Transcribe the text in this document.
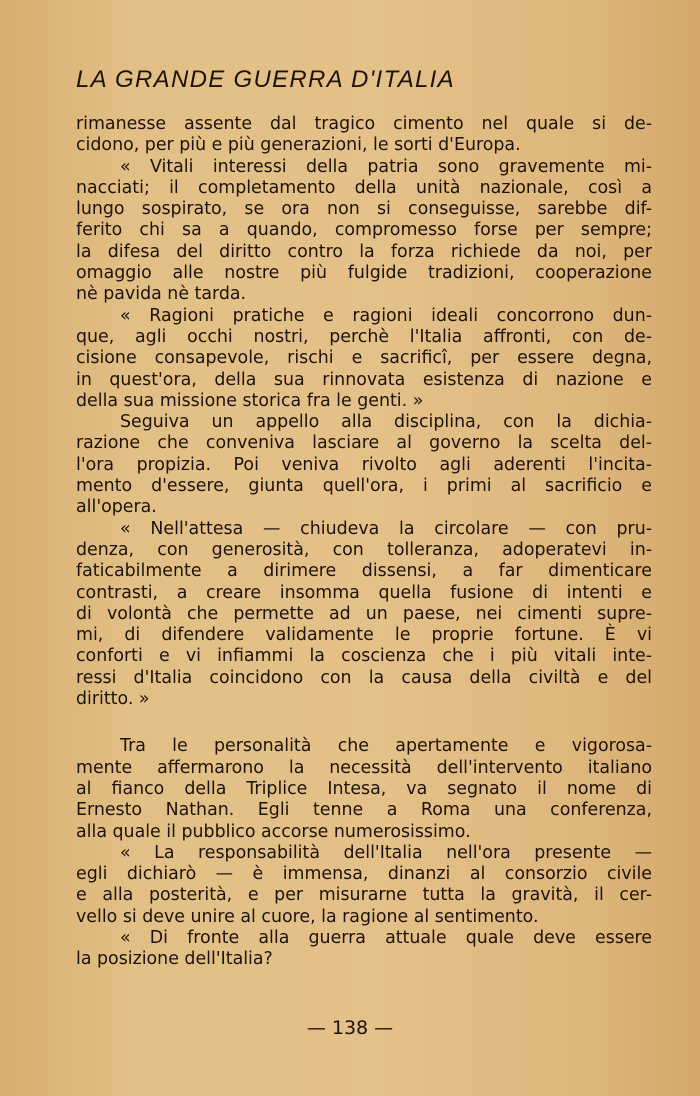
LA GRANDE GUERRA D'ITALIA
rimanesse assente dal tragico cimento nel quale si de-
cidono, per più e più generazioni, le sorti d'Europa.
« Vitali interessi della patria sono gravemente mi-
nacciati; il completamento della unità nazionale, così a
lungo sospirato, se ora non si conseguisse, sarebbe dif-
ferito chi sa a quando, compromesso forse per sempre;
la difesa del diritto contro la forza richiede da noi, per
omaggio alle nostre più fulgide tradizioni, cooperazione
nè pavida nè tarda.
« Ragioni pratiche e ragioni ideali concorrono dun-
que, agli occhi nostri, perchè l'Italia affronti, con de-
cisione consapevole, rischi e sacrificî, per essere degna,
in quest'ora, della sua rinnovata esistenza di nazione e
della sua missione storica fra le genti. »
Seguiva un appello alla disciplina, con la dichia-
razione che conveniva lasciare al governo la scelta del-
l'ora propizia. Poi veniva rivolto agli aderenti l'incita-
mento d'essere, giunta quell'ora, i primi al sacrificio e
all'opera.
« Nell'attesa — chiudeva la circolare — con pru-
denza, con generosità, con tolleranza, adoperatevi in-
faticabilmente a dirimere dissensi, a far dimenticare
contrasti, a creare insomma quella fusione di intenti e
di volontà che permette ad un paese, nei cimenti supre-
mi, di difendere validamente le proprie fortune. È vi
conforti e vi infiammi la coscienza che i più vitali inte-
ressi d'Italia coincidono con la causa della civiltà e del
diritto. »
Tra le personalità che apertamente e vigorosa-
mente affermarono la necessità dell'intervento italiano
al fianco della Triplice Intesa, va segnato il nome di
Ernesto Nathan. Egli tenne a Roma una conferenza,
alla quale il pubblico accorse numerosissimo.
« La responsabilità dell'Italia nell'ora presente —
egli dichiarò — è immensa, dinanzi al consorzio civile
e alla posterità, e per misurarne tutta la gravità, il cer-
vello si deve unire al cuore, la ragione al sentimento.
« Di fronte alla guerra attuale quale deve essere
la posizione dell'Italia?
— 138 —
